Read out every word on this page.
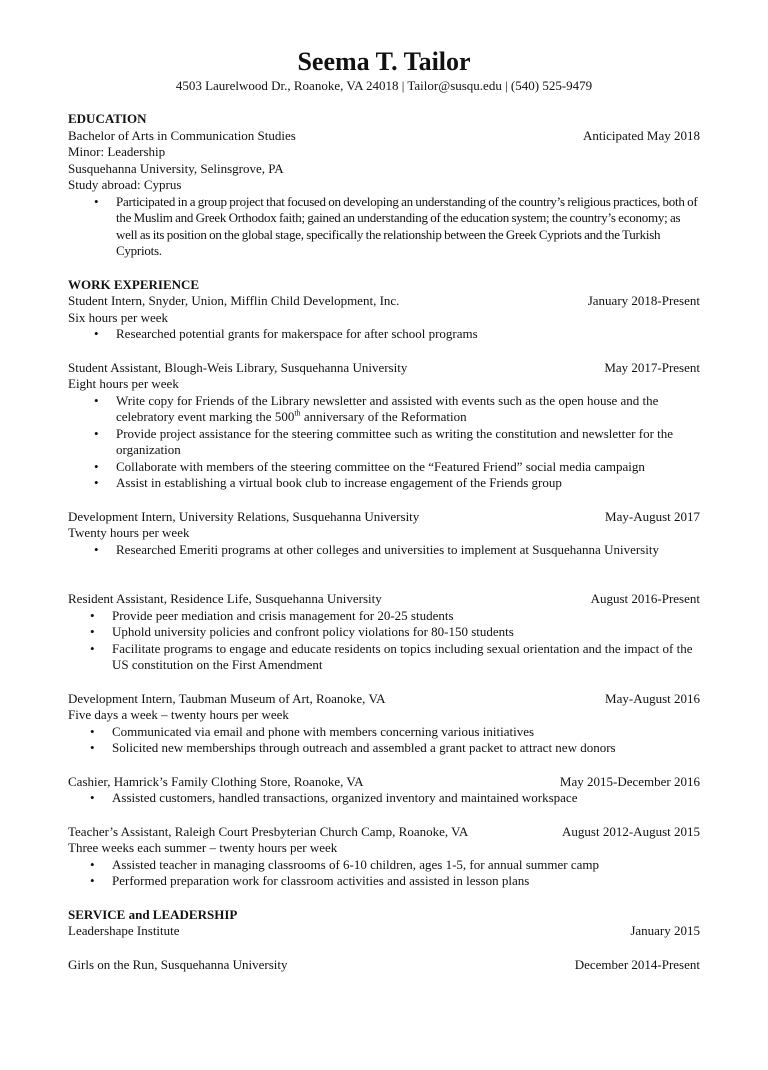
Seema T. Tailor
4503 Laurelwood Dr., Roanoke, VA 24018 | Tailor@susqu.edu | (540) 525-9479
EDUCATION
Bachelor of Arts in Communication Studies	Anticipated May 2018
Minor: Leadership
Susquehanna University, Selinsgrove, PA
Study abroad: Cyprus
• Participated in a group project that focused on developing an understanding of the country’s religious practices, both of the Muslim and Greek Orthodox faith; gained an understanding of the education system; the country’s economy; as well as its position on the global stage, specifically the relationship between the Greek Cypriots and the Turkish Cypriots.
WORK EXPERIENCE
Student Intern, Snyder, Union, Mifflin Child Development, Inc.	January 2018-Present
Six hours per week
• Researched potential grants for makerspace for after school programs
Student Assistant, Blough-Weis Library, Susquehanna University	May 2017-Present
Eight hours per week
• Write copy for Friends of the Library newsletter and assisted with events such as the open house and the celebratory event marking the 500th anniversary of the Reformation
• Provide project assistance for the steering committee such as writing the constitution and newsletter for the organization
• Collaborate with members of the steering committee on the “Featured Friend” social media campaign
• Assist in establishing a virtual book club to increase engagement of the Friends group
Development Intern, University Relations, Susquehanna University	May-August 2017
Twenty hours per week
• Researched Emeriti programs at other colleges and universities to implement at Susquehanna University
Resident Assistant, Residence Life, Susquehanna University	August 2016-Present
• Provide peer mediation and crisis management for 20-25 students
• Uphold university policies and confront policy violations for 80-150 students
• Facilitate programs to engage and educate residents on topics including sexual orientation and the impact of the US constitution on the First Amendment
Development Intern, Taubman Museum of Art, Roanoke, VA	May-August 2016
Five days a week – twenty hours per week
• Communicated via email and phone with members concerning various initiatives
• Solicited new memberships through outreach and assembled a grant packet to attract new donors
Cashier, Hamrick’s Family Clothing Store, Roanoke, VA	May 2015-December 2016
• Assisted customers, handled transactions, organized inventory and maintained workspace
Teacher’s Assistant, Raleigh Court Presbyterian Church Camp, Roanoke, VA	August 2012-August 2015
Three weeks each summer – twenty hours per week
• Assisted teacher in managing classrooms of 6-10 children, ages 1-5, for annual summer camp
• Performed preparation work for classroom activities and assisted in lesson plans
SERVICE and LEADERSHIP
Leadershape Institute	January 2015
Girls on the Run, Susquehanna University	December 2014-Present
